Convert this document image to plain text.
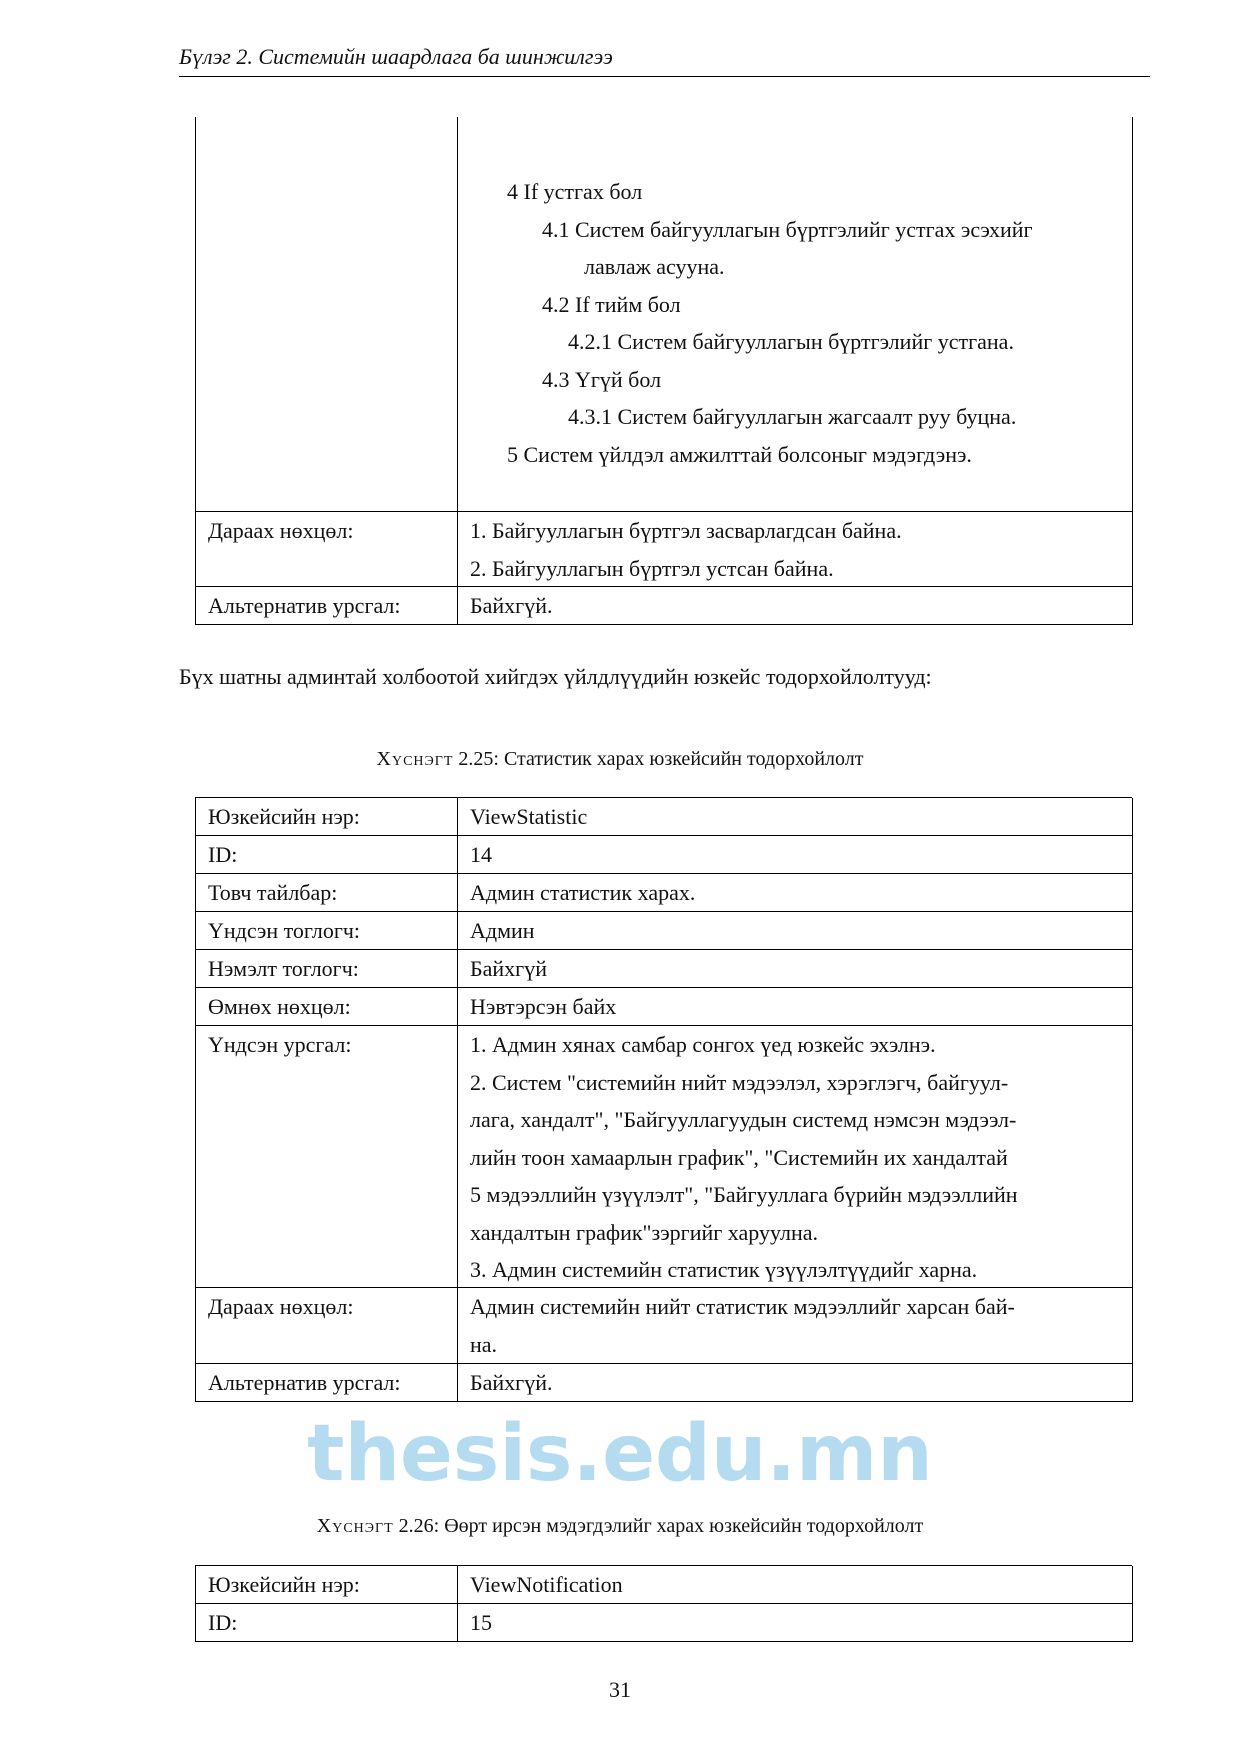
Бүлэг 2. Системийн шаардлага ба шинжилгээ
4 If устгах бол
4.1 Систем байгууллагын бүртгэлийг устгах эсэхийг
лавлаж асууна.
4.2 If тийм бол
4.2.1 Систем байгууллагын бүртгэлийг устгана.
4.3 Үгүй бол
4.3.1 Систем байгууллагын жагсаалт руу буцна.
5 Систем үйлдэл амжилттай болсоныг мэдэгдэнэ.
Дараах нөхцөл:	1. Байгууллагын бүртгэл засварлагдсан байна.
2. Байгууллагын бүртгэл устсан байна.
Альтернатив урсгал:	Байхгүй.
Бүх шатны админтай холбоотой хийгдэх үйлдлүүдийн юзкейс тодорхойлолтууд:
Хүснэгт 2.25: Статистик харах юзкейсийн тодорхойлолт
Юзкейсийн нэр:	ViewStatistic
ID:	14
Товч тайлбар:	Админ статистик харах.
Үндсэн тоглогч:	Админ
Нэмэлт тоглогч:	Байхгүй
Өмнөх нөхцөл:	Нэвтэрсэн байх
Үндсэн урсгал:	1. Админ хянах самбар сонгох үед юзкейс эхэлнэ.
2. Систем "системийн нийт мэдээлэл, хэрэглэгч, байгуул-
лага, хандалт", "Байгууллагуудын системд нэмсэн мэдээл-
лийн тоон хамаарлын график", "Системийн их хандалтай
5 мэдээллийн үзүүлэлт", "Байгууллага бүрийн мэдээллийн
хандалтын график"зэргийг харуулна.
3. Админ системийн статистик үзүүлэлтүүдийг харна.
Дараах нөхцөл:	Админ системийн нийт статистик мэдээллийг харсан бай-
на.
Альтернатив урсгал:	Байхгүй.
thesis.edu.mn
Хүснэгт 2.26: Өөрт ирсэн мэдэгдэлийг харах юзкейсийн тодорхойлолт
Юзкейсийн нэр:	ViewNotification
ID:	15
31
